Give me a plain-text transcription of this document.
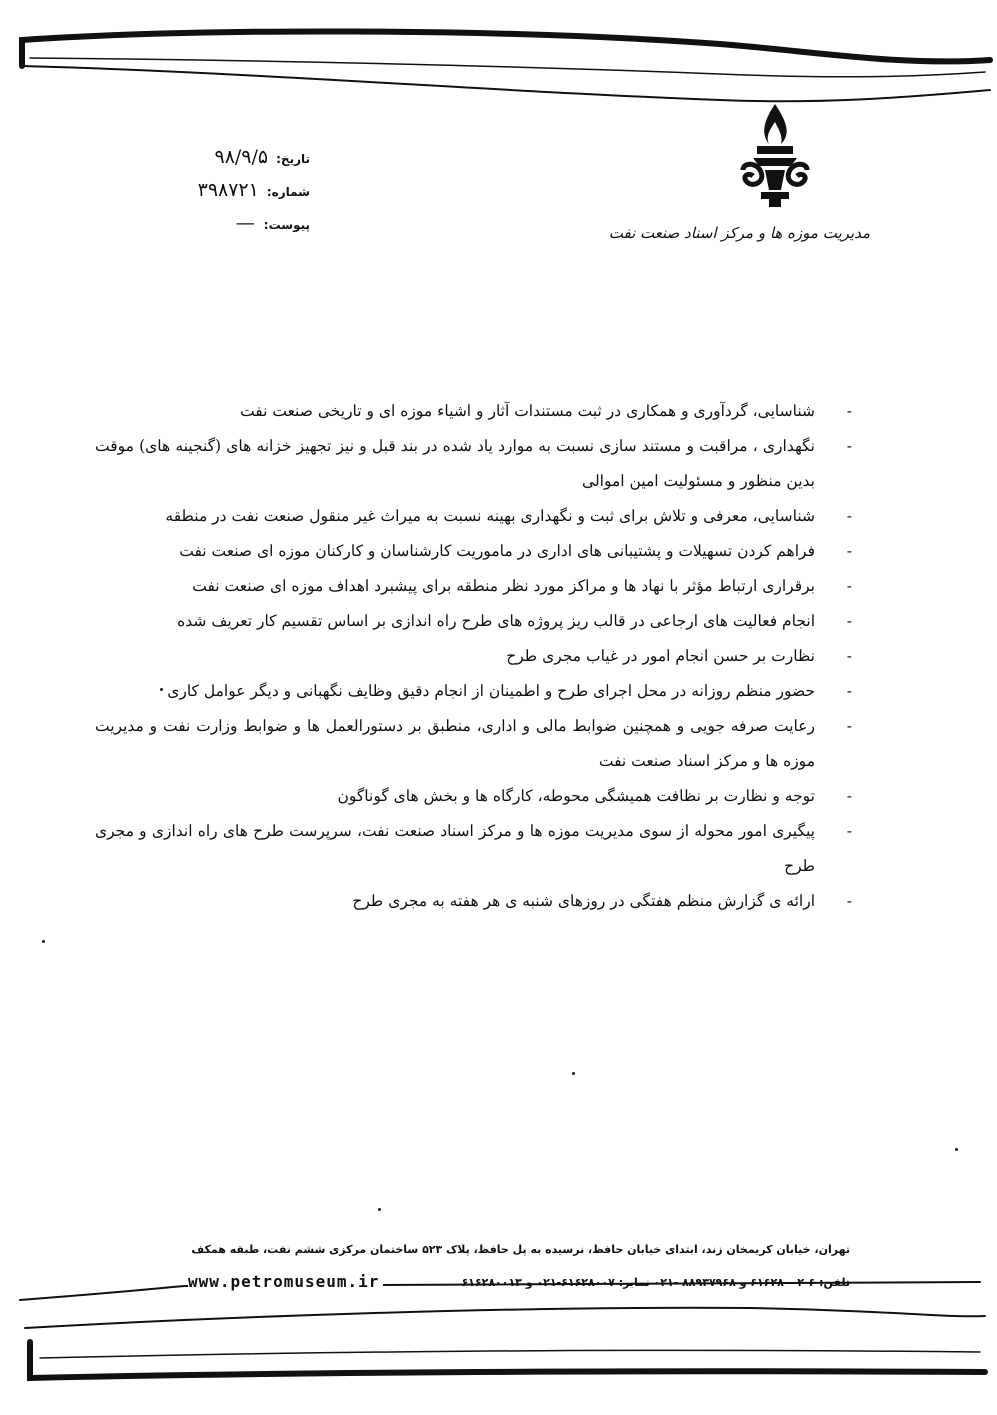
تاریخ:
۹۸/۹/۵
شماره:
۳۹۸۷۲۱
پیوست:
—	مدیریت موزه ها و مرکز اسناد صنعت نفت
- شناسایی، گردآوری و همکاری در ثبت مستندات آثار و اشیاء موزه ای و تاریخی صنعت نفت
- نگهداری ، مراقبت و مستند سازی نسبت به موارد یاد شده در بند قبل و نیز تجهیز خزانه های (گنجینه های) موقت بدین منظور و مسئولیت امین اموالی
- شناسایی، معرفی و تلاش برای ثبت و نگهداری بهینه نسبت به میراث غیر منقول صنعت نفت در منطقه
- فراهم کردن تسهیلات و پشتیبانی های اداری در ماموریت کارشناسان و کارکنان موزه ای صنعت نفت
- برقراری ارتباط مؤثر با نهاد ها و مراکز مورد نظر منطقه برای پیشبرد اهداف موزه ای صنعت نفت
- انجام فعالیت های ارجاعی در قالب ریز پروژه های طرح راه اندازی بر اساس تقسیم کار تعریف شده
- نظارت بر حسن انجام امور در غیاب مجری طرح
- حضور منظم روزانه در محل اجرای طرح و اطمینان از انجام دقیق وظایف نگهبانی و دیگر عوامل کاری
- رعایت صرفه جویی و همچنین ضوابط مالی و اداری، منطبق بر دستورالعمل ها و ضوابط وزارت نفت و مدیریت موزه ها و مرکز اسناد صنعت نفت
- توجه و نظارت بر نظافت همیشگی محوطه، کارگاه ها و بخش های گوناگون
- پیگیری امور محوله از سوی مدیریت موزه ها و مرکز اسناد صنعت نفت، سرپرست طرح های راه اندازی و مجری طرح
- ارائه ی گزارش منظم هفتگی در روزهای شنبه ی هر هفته به مجری طرح
تهران، خیابان کریمخان زند، ابتدای خیابان حافظ، نرسیده به پل حافظ، پلاک ۵۲۳ ساختمان مرکزی ششم نفت، طبقه همکف
تلفن: ۶-۶۱۶۲۸۰۰۲ و ۸۸۹۳۷۹۶۸ -۰۲۱ نمابر: ۶۱۶۲۸۰۰۷-۰۲۱ و ۶۱۶۲۸۰۰۱۳
www.petromuseum.ir
